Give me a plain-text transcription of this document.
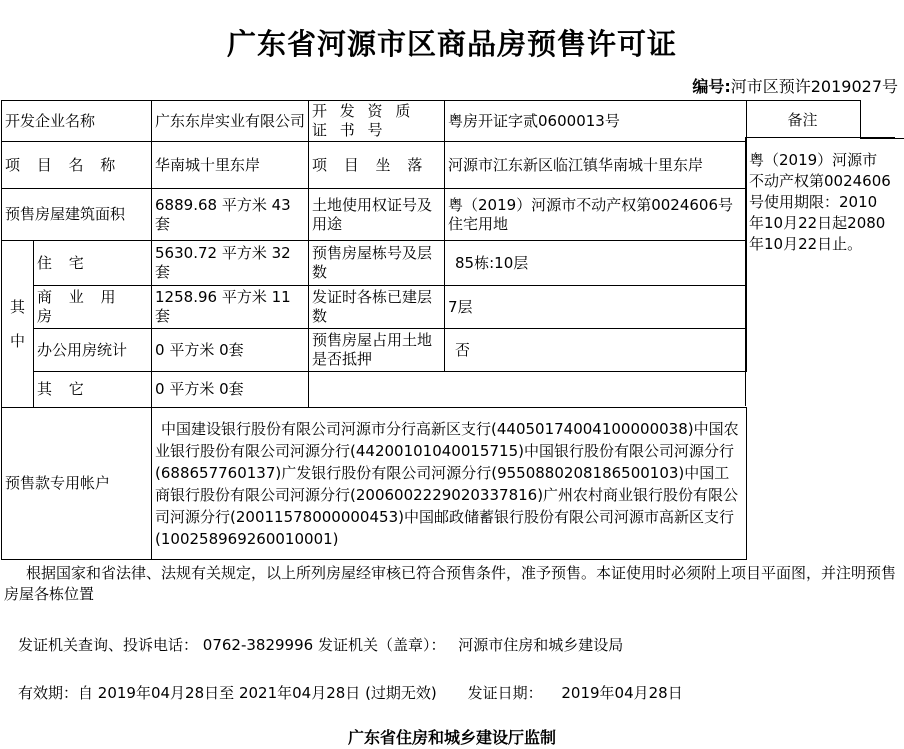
广东省河源市区商品房预售许可证
编号:河市区预许2019027号
开发企业名称		广东东岸实业有限公司	开 发 资 质 证 书 号	粤房开证字贰0600013号
项 目 名 称		华南城十里东岸	项 目 坐 落	河源市江东新区临江镇华南城十里东岸
预售房屋建筑面积		6889.68 平方米 43套	土地使用权证号及用途	粤（2019）河源市不动产权第0024606号 住宅用地
其中	住 宅	5630.72 平方米 32套	预售房屋栋号及层数	85栋:10层
	商 业 用 房	1258.96 平方米 11套	发证时各栋已建层数	7层
	办公用房统计	0 平方米 0套	预售房屋占用土地是否抵押	否
	其 它	0 平方米 0套		
预售款专用帐户		中国建设银行股份有限公司河源市分行高新区支行(44050174004100000038)中国农业银行股份有限公司河源分行(44200101040015715)中国银行股份有限公司河源分行(688657760137)广发银行股份有限公司河源分行(9550880208186500103)中国工商银行股份有限公司河源分行(2006002229020337816)广州农村商业银行股份有限公司河源分行(20011578000000453)中国邮政储蓄银行股份有限公司河源市高新区支行(100258969260010001)		
备注
粤（2019）河源市不动产权第0024606号使用期限：2010年10月22日起2080年10月22日止。
根据国家和省法律、法规有关规定，以上所列房屋经审核已符合预售条件，准予预售。本证使用时必须附上项目平面图，并注明预售房屋各栋位置
发证机关查询、投诉电话： 0762-3829996 发证机关（盖章）： 河源市住房和城乡建设局
有效期：自 2019年04月28日至 2021年04月28日 (过期无效) 发证日期： 2019年04月28日
广东省住房和城乡建设厅监制
